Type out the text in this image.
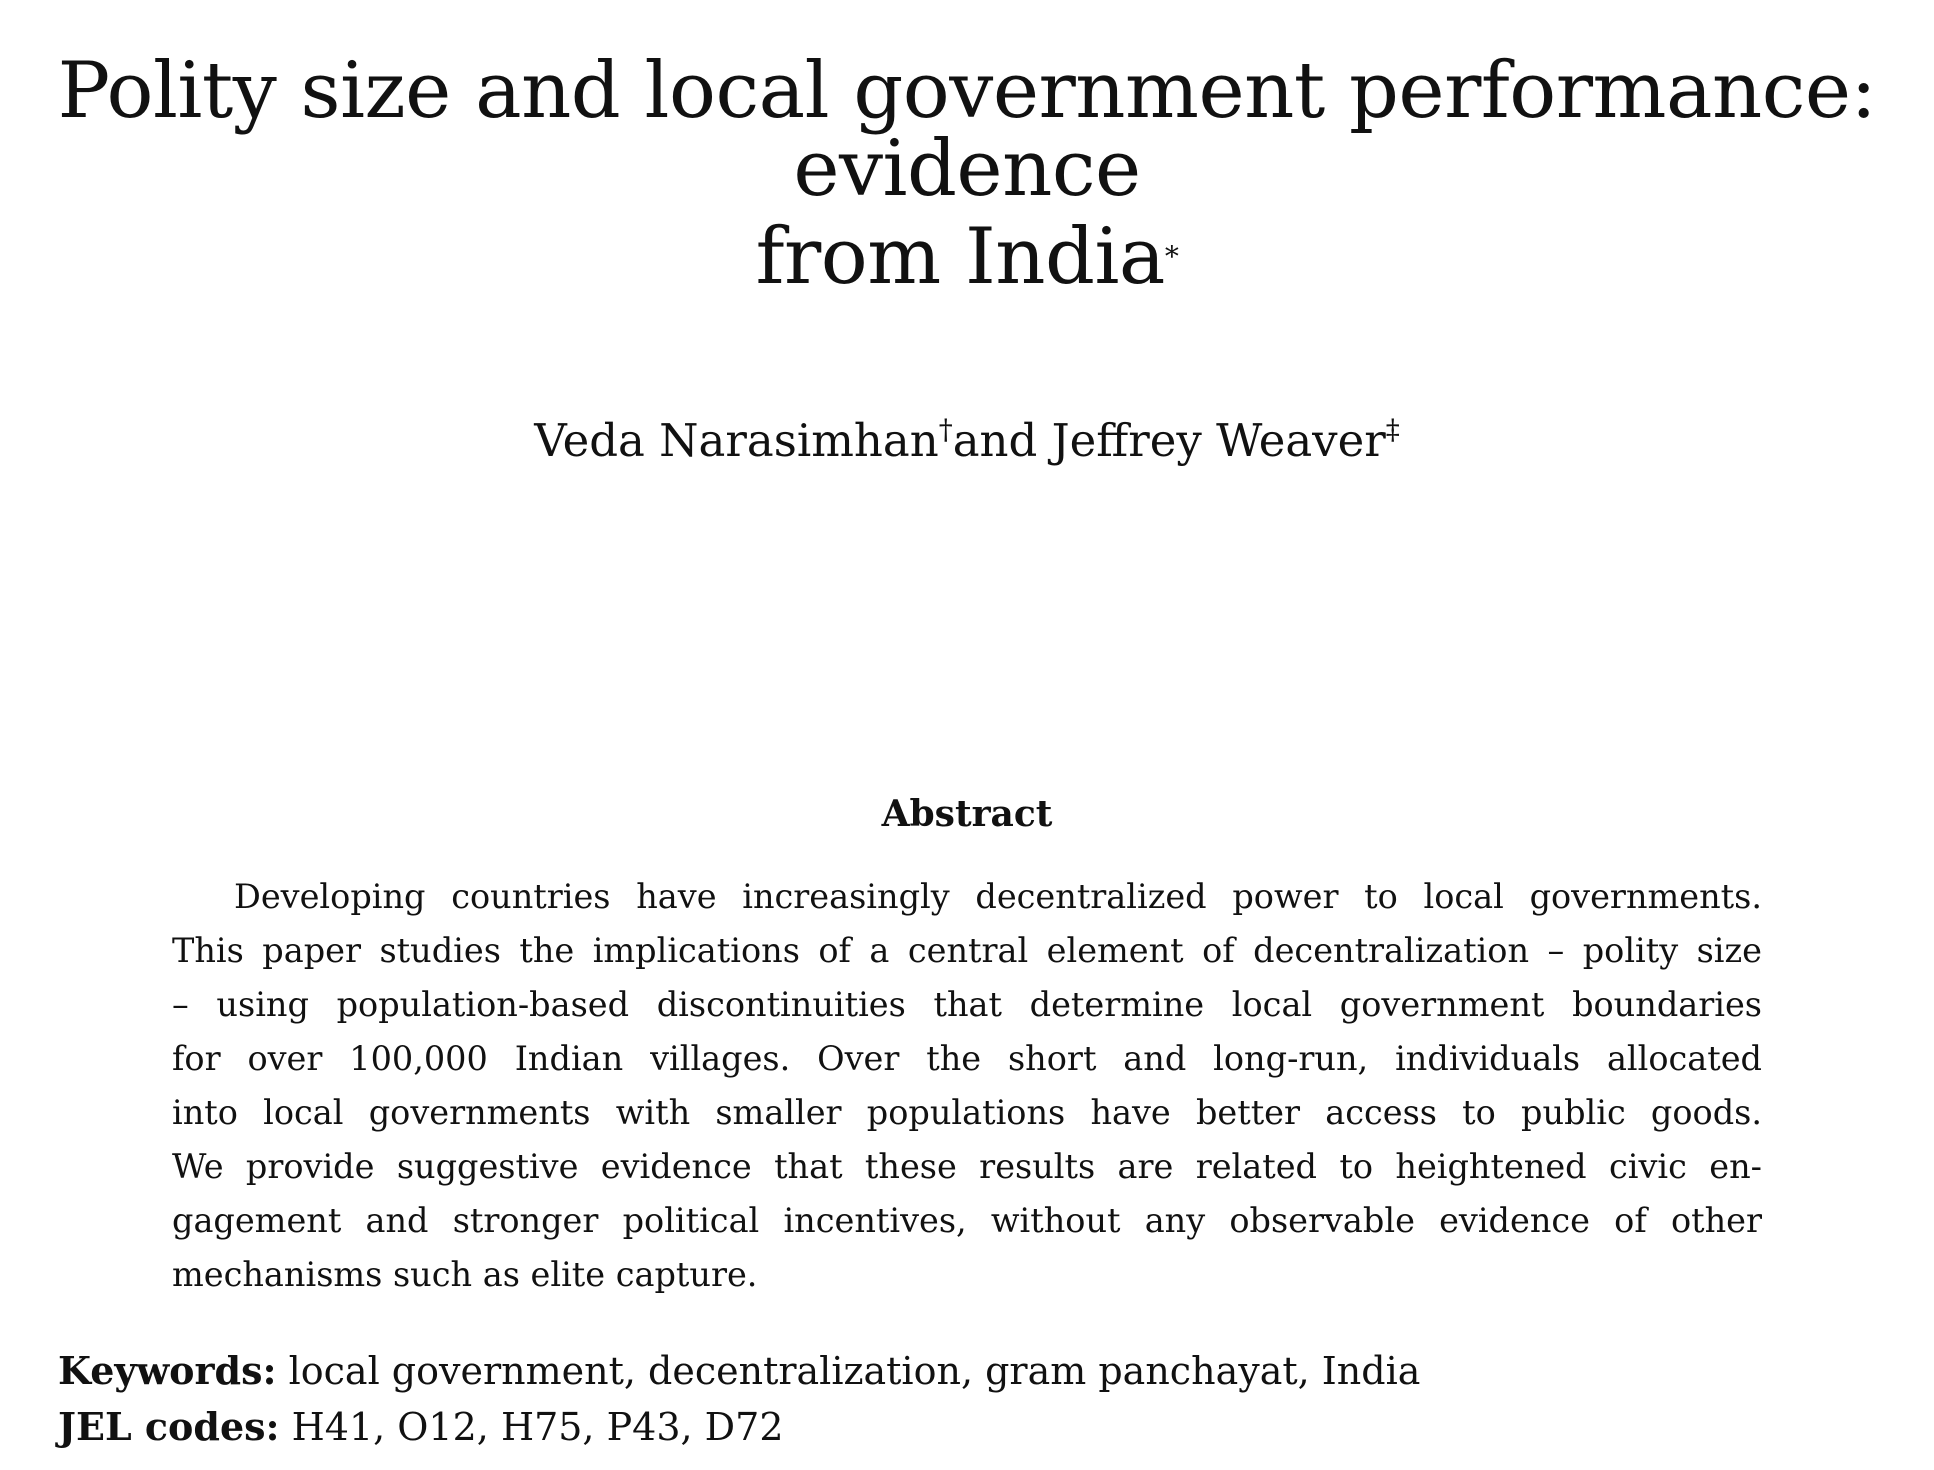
Polity size and local government performance: evidence
from India*

Veda Narasimhan†and Jeffrey Weaver‡

Abstract
Developing countries have increasingly decentralized power to local governments.
This paper studies the implications of a central element of decentralization – polity size
– using population-based discontinuities that determine local government boundaries
for over 100,000 Indian villages. Over the short and long-run, individuals allocated
into local governments with smaller populations have better access to public goods.
We provide suggestive evidence that these results are related to heightened civic en-
gagement and stronger political incentives, without any observable evidence of other
mechanisms such as elite capture.

Keywords: local government, decentralization, gram panchayat, India

JEL codes: H41, O12, H75, P43, D72
